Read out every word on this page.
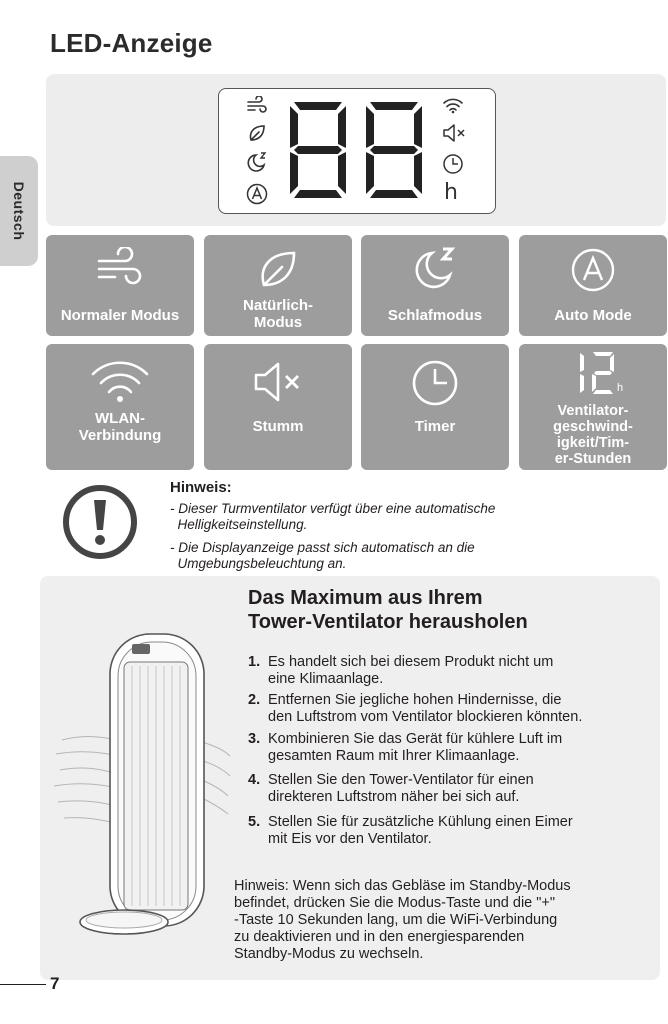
LED-Anzeige
Deutsch	h
Normaler Modus
Natürlich-
Modus	Schlafmodus	Auto Mode
WLAN-
Verbindung
Stumm	Timer
h
Ventilator-
geschwind-
igkeit/Tim-
er-Stunden
Hinweis:
- Dieser Turmventilator verfügt über eine automatische
Helligkeitseinstellung.
- Die Displayanzeige passt sich automatisch an die
Umgebungsbeleuchtung an.
Das Maximum aus Ihrem
Tower-Ventilator herausholen
1. Es handelt sich bei diesem Produkt nicht um
eine Klimaanlage.
2. Entfernen Sie jegliche hohen Hindernisse, die
den Luftstrom vom Ventilator blockieren könnten.
3. Kombinieren Sie das Gerät für kühlere Luft im
gesamten Raum mit Ihrer Klimaanlage.
4. Stellen Sie den Tower-Ventilator für einen
direkteren Luftstrom näher bei sich auf.
5. Stellen Sie für zusätzliche Kühlung einen Eimer
mit Eis vor den Ventilator.
Hinweis: Wenn sich das Gebläse im Standby-Modus
befindet, drücken Sie die Modus-Taste und die "+"
-Taste 10 Sekunden lang, um die WiFi-Verbindung
zu deaktivieren und in den energiesparenden
Standby-Modus zu wechseln.
7
